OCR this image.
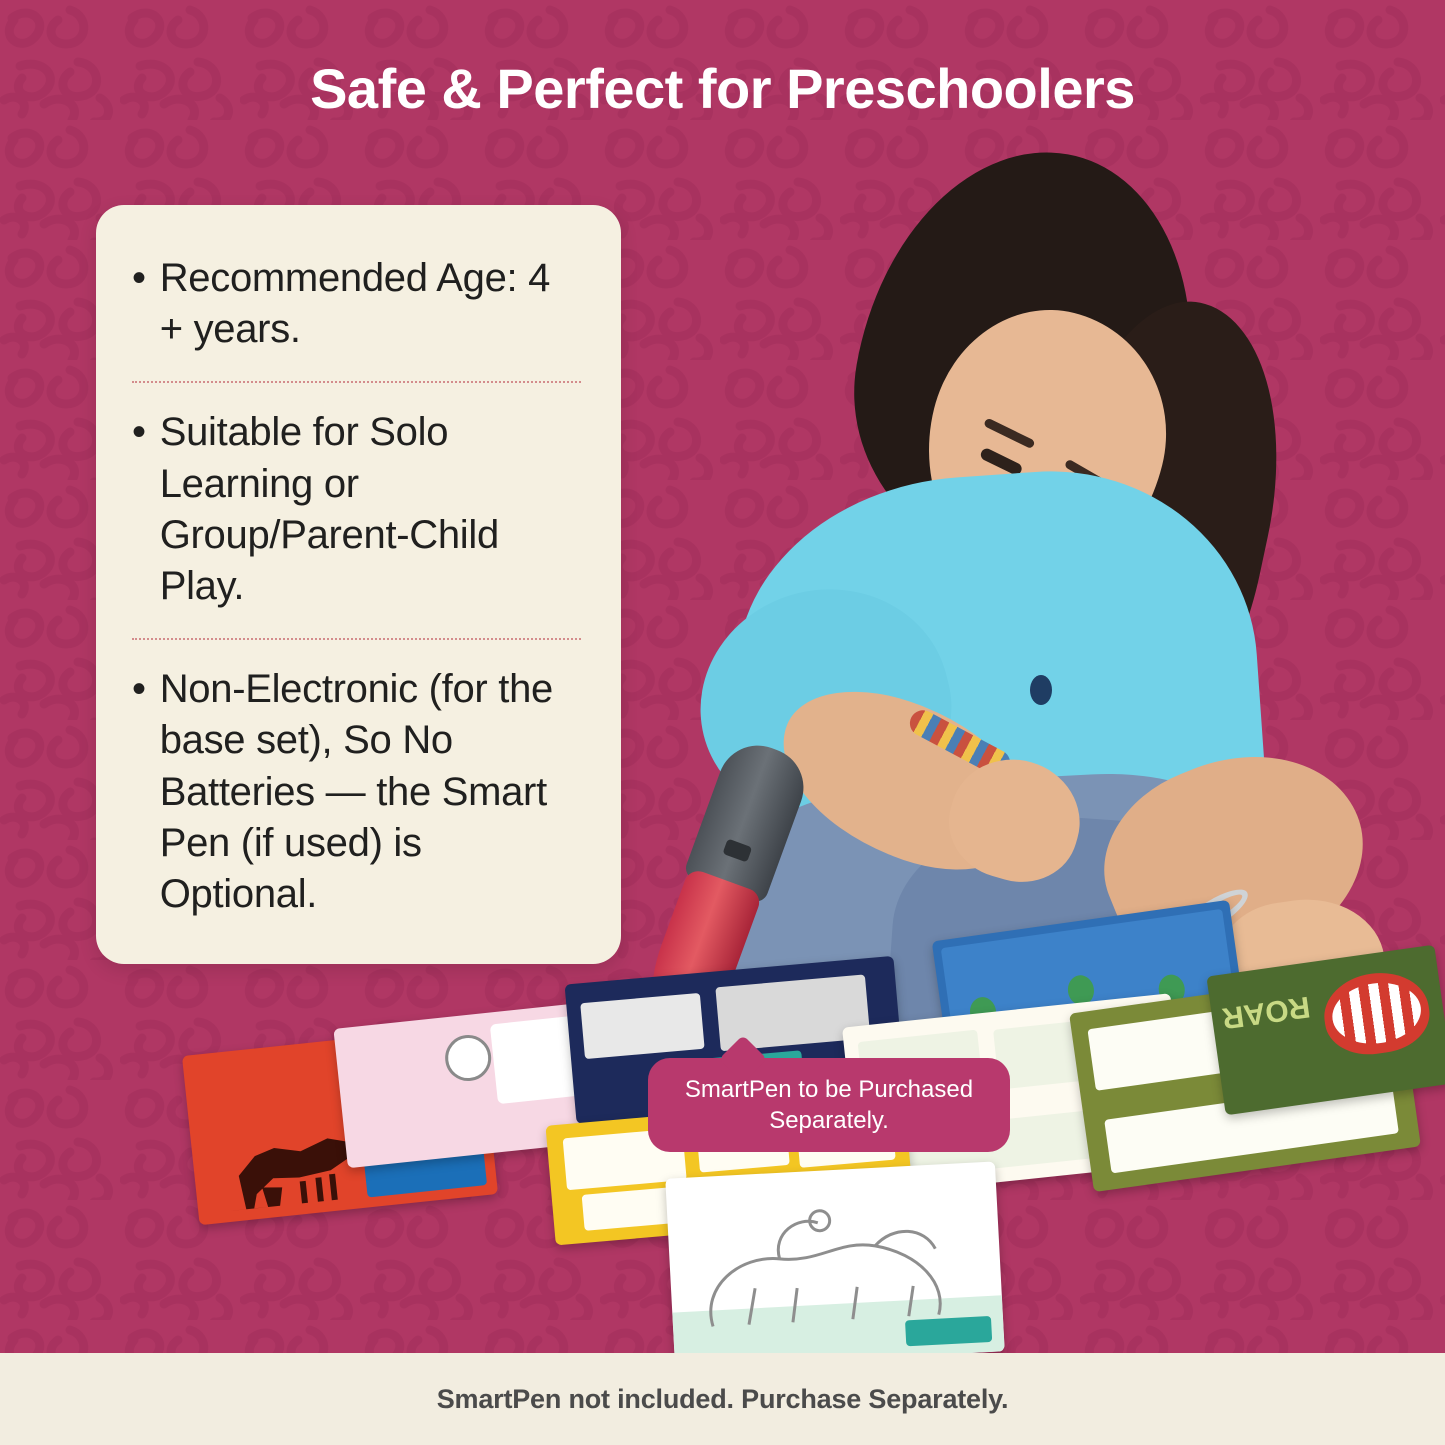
Safe & Perfect for Preschoolers
ROAR
• Recommended Age: 4 + years.
• Suitable for Solo Learning or Group/Parent-Child Play.
• Non-Electronic (for the base set), So No Batteries — the Smart Pen (if used) is Optional.
SmartPen to be Purchased Separately.
SmartPen not included. Purchase Separately.
